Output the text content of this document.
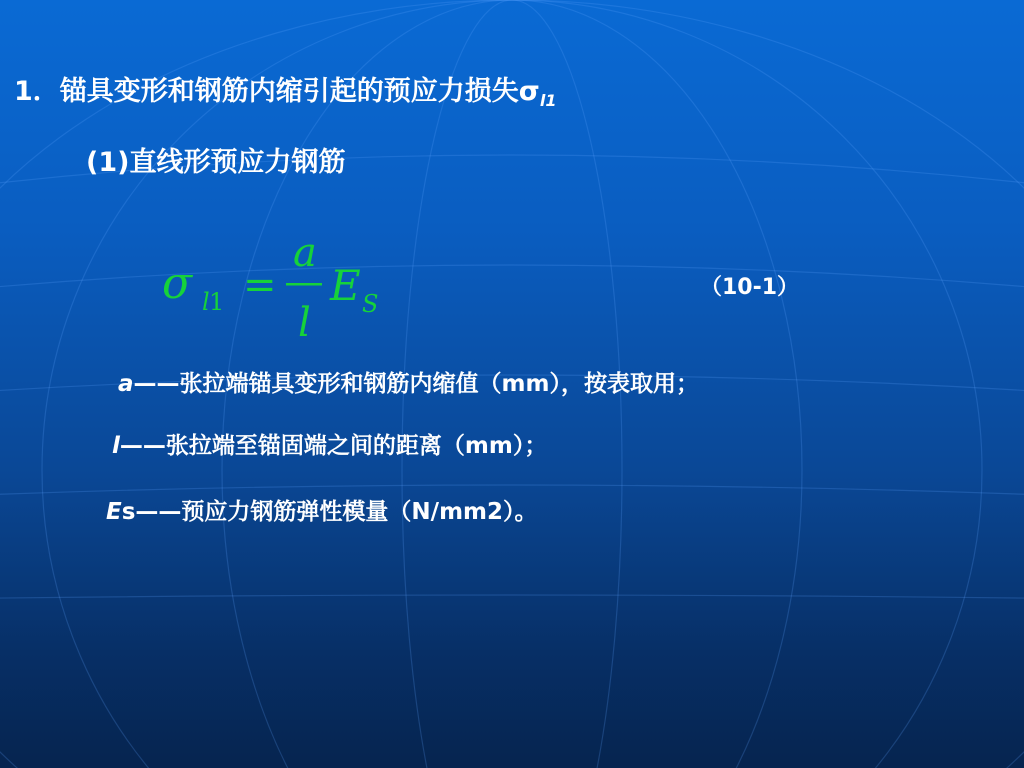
1．锚具变形和钢筋内缩引起的预应力损失$\sigma_{l1}$
(1)直线形预应力钢筋
σ l 1 =
a
l
E S
（10-1）
a——张拉端锚具变形和钢筋内缩值（mm），按表取用；
l——张拉端至锚固端之间的距离（mm）；
Es——预应力钢筋弹性模量（N/mm2）。
